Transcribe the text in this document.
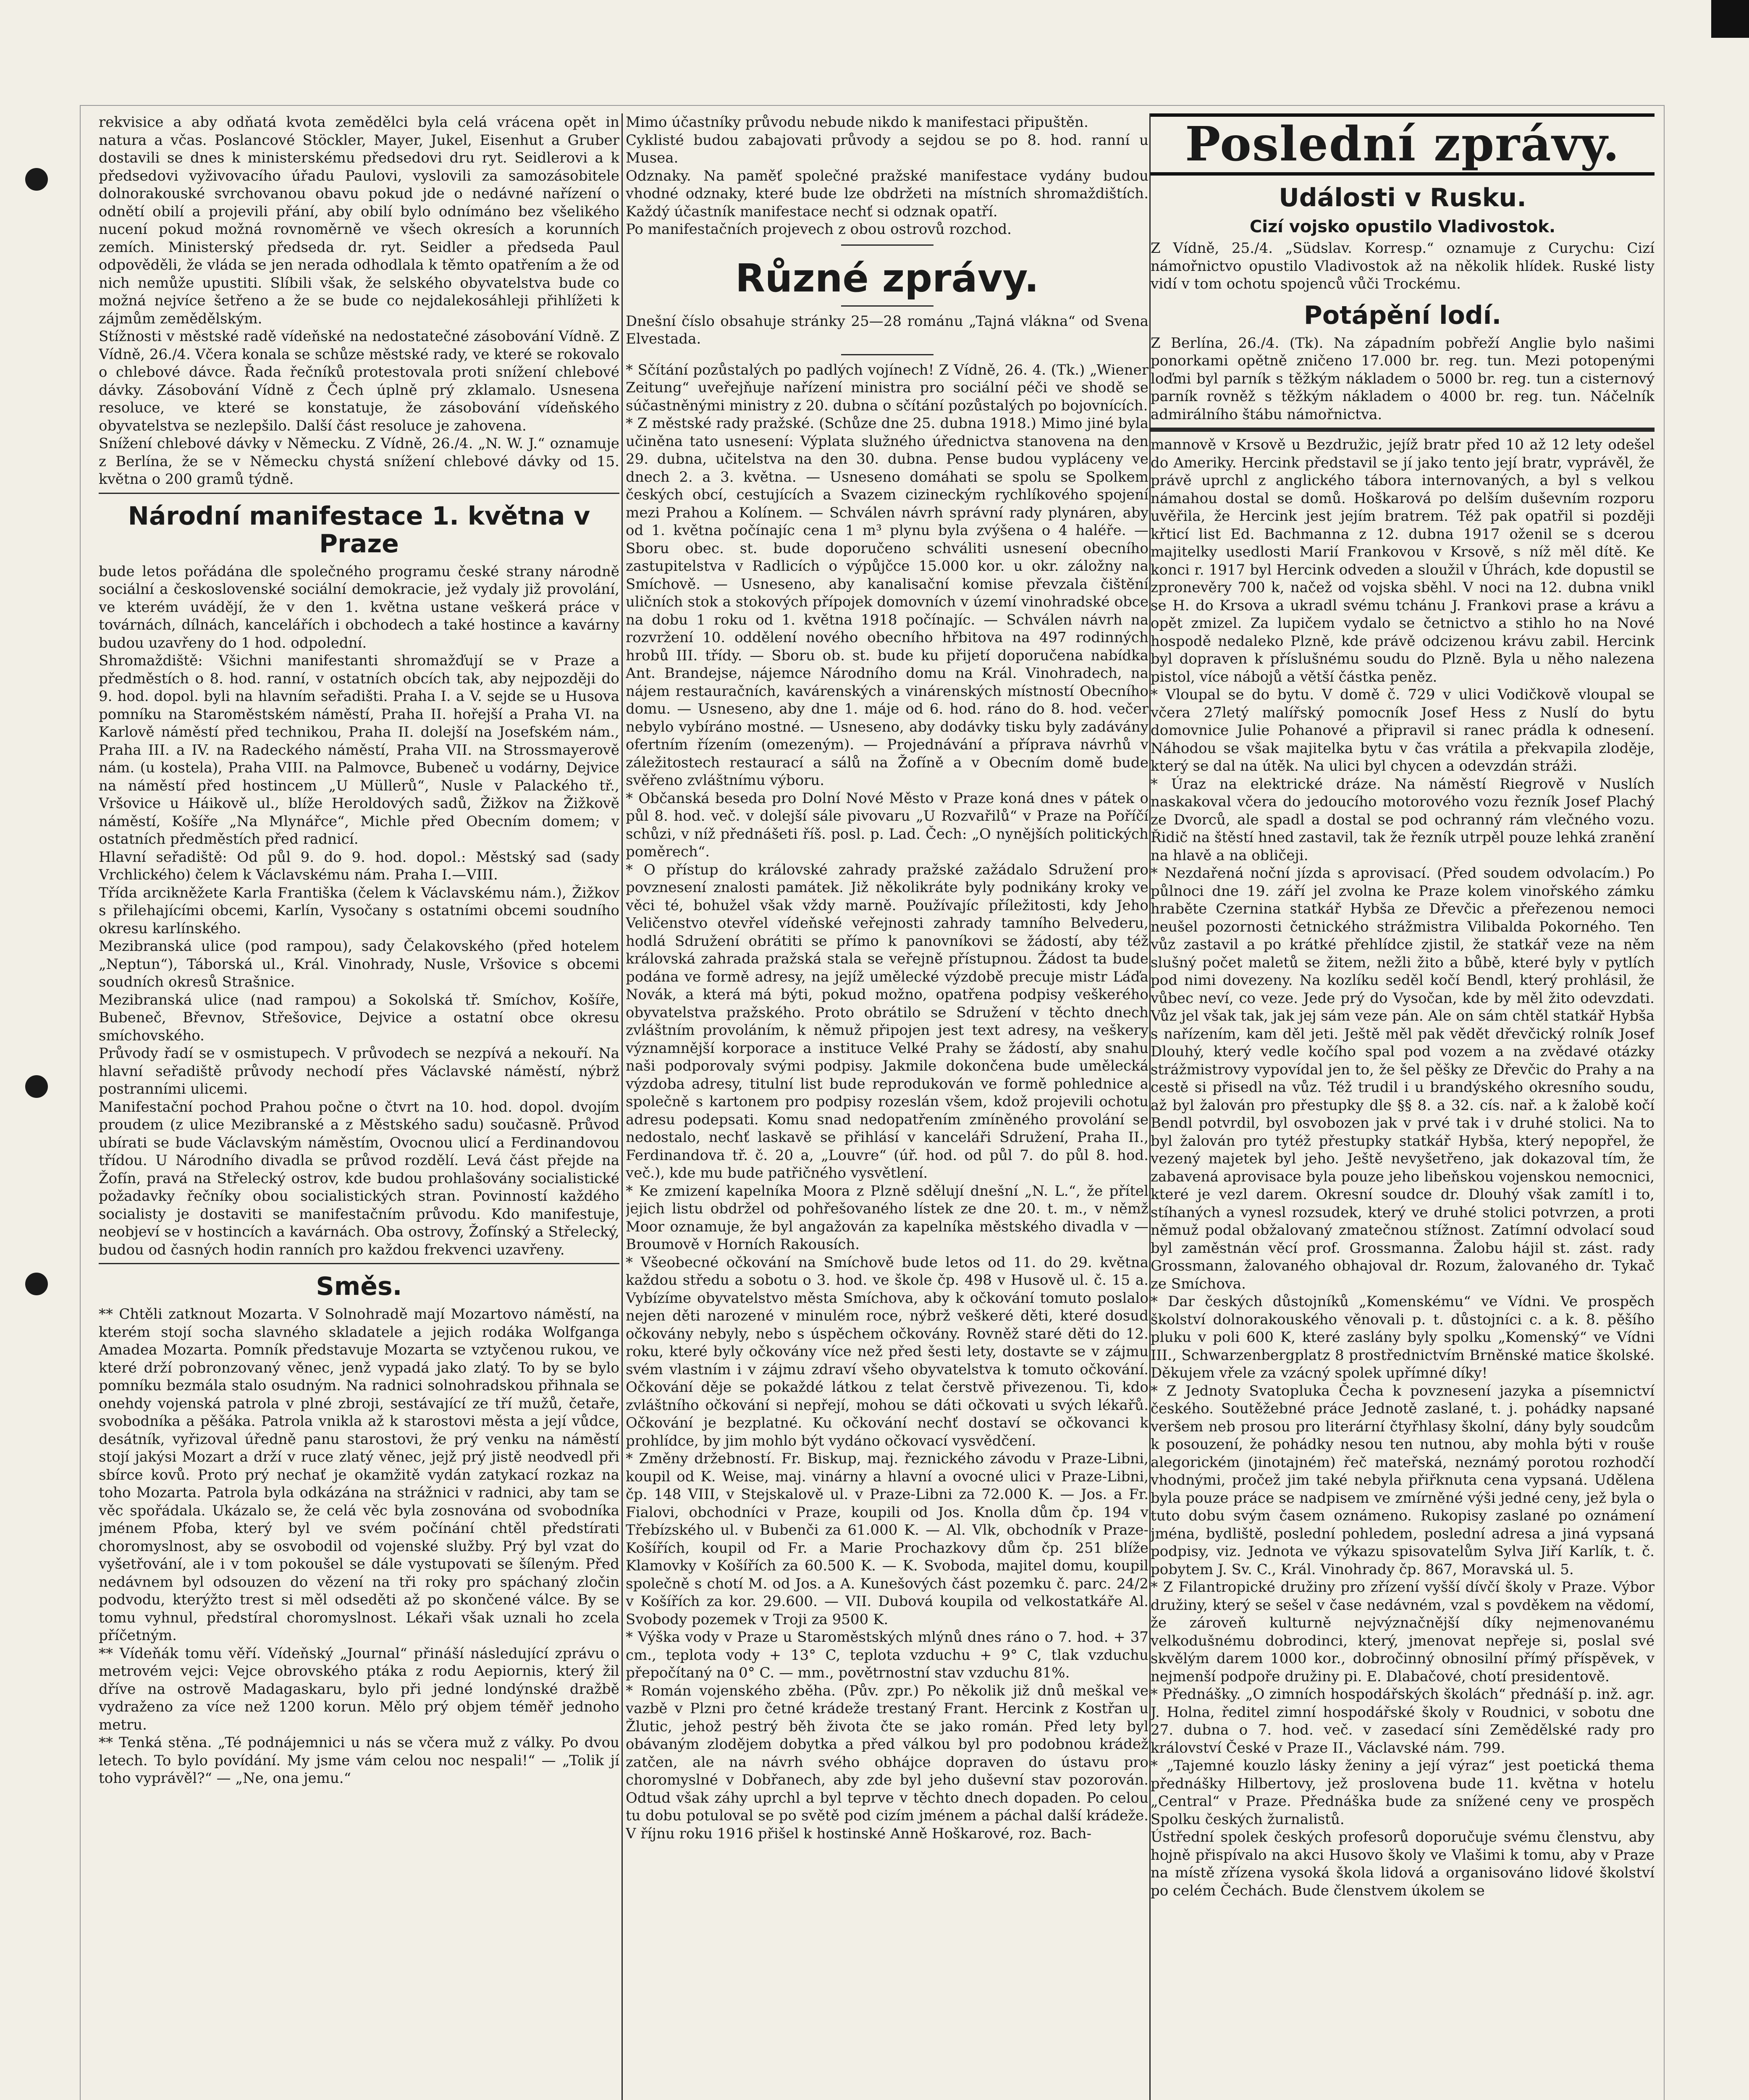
rekvisice a aby odňatá kvota zemědělci byla celá vrácena opět in natura a včas. Poslancové Stöckler, Mayer, Jukel, Eisenhut a Gruber dostavili se dnes k ministerskému předsedovi dru ryt. Seidlerovi a k předsedovi vyživovacího úřadu Paulovi, vyslovili za samozásobitele dolnorakouské svrchovanou obavu pokud jde o nedávné nařízení o odnětí obilí a projevili přání, aby obilí bylo odnímáno bez všelikého nucení pokud možná rovnoměrně ve všech okresích a korunních zemích. Ministerský předseda dr. ryt. Seidler a předseda Paul odpověděli, že vláda se jen nerada odhodlala k těmto opatřením a že od nich nemůže upustiti. Slíbili však, že selského obyvatelstva bude co možná nejvíce šetřeno a že se bude co nejdalekosáhleji přihlížeti k zájmům zemědělským.

Stížnosti v městské radě vídeňské na nedostatečné zásobování Vídně. Z Vídně, 26./4. Včera konala se schůze městské rady, ve které se rokovalo o chlebové dávce. Řada řečníků protestovala proti snížení chlebové dávky. Zásobování Vídně z Čech úplně prý zklamalo. Usnesena resoluce, ve které se konstatuje, že zásobování vídeňského obyvatelstva se nezlepšilo. Další část resoluce je zahovena.

Snížení chlebové dávky v Německu. Z Vídně, 26./4. „N. W. J.“ oznamuje z Berlína, že se v Německu chystá snížení chlebové dávky od 15. května o 200 gramů týdně.

Národní manifestace 1. května v Praze

bude letos pořádána dle společného programu české strany národně sociální a československé sociální demokracie, jež vydaly již provolání, ve kterém uvádějí, že v den 1. května ustane veškerá práce v továrnách, dílnách, kancelářích i obchodech a také hostince a kavárny budou uzavřeny do 1 hod. odpolední.

Shromaždiště: Všichni manifestanti shromažďují se v Praze a předměstích o 8. hod. ranní, v ostatních obcích tak, aby nejpozději do 9. hod. dopol. byli na hlavním seřadišti. Praha I. a V. sejde se u Husova pomníku na Staroměstském náměstí, Praha II. hořejší a Praha VI. na Karlově náměstí před technikou, Praha II. dolejší na Josefském nám., Praha III. a IV. na Radeckého náměstí, Praha VII. na Strossmayerově nám. (u kostela), Praha VIII. na Palmovce, Bubeneč u vodárny, Dejvice na náměstí před hostincem „U Müllerů“, Nusle v Palackého tř., Vršovice u Háikově ul., blíže Heroldových sadů, Žižkov na Žižkově náměstí, Košíře „Na Mlynářce“, Michle před Obecním domem; v ostatních předměstích před radnicí.

Hlavní seřadiště: Od půl 9. do 9. hod. dopol.: Městský sad (sady Vrchlického) čelem k Václavskému nám. Praha I.—VIII.

Třída arcikněžete Karla Františka (čelem k Václavskému nám.), Žižkov s přilehajícími obcemi, Karlín, Vysočany s ostatními obcemi soudního okresu karlínského.

Mezibranská ulice (pod rampou), sady Čelakovského (před hotelem „Neptun“), Táborská ul., Král. Vinohrady, Nusle, Vršovice s obcemi soudních okresů Strašnice.

Mezibranská ulice (nad rampou) a Sokolská tř. Smíchov, Košíře, Bubeneč, Břevnov, Střešovice, Dejvice a ostatní obce okresu smíchovského.

Průvody řadí se v osmistupech. V průvodech se nezpívá a nekouří. Na hlavní seřadiště průvody nechodí přes Václavské náměstí, nýbrž postranními ulicemi.

Manifestační pochod Prahou počne o čtvrt na 10. hod. dopol. dvojím proudem (z ulice Mezibranské a z Městského sadu) současně. Průvod ubírati se bude Václavským náměstím, Ovocnou ulicí a Ferdinandovou třídou. U Národního divadla se průvod rozdělí. Levá část přejde na Žofín, pravá na Střelecký ostrov, kde budou prohlašovány socialistické požadavky řečníky obou socialistických stran. Povinností každého socialisty je dostaviti se manifestačním průvodu. Kdo manifestuje, neobjeví se v hostincích a kavárnách. Oba ostrovy, Žofínský a Střelecký, budou od časných hodin ranních pro každou frekvenci uzavřeny.

Směs.

** Chtěli zatknout Mozarta. V Solnohradě mají Mozartovo náměstí, na kterém stojí socha slavného skladatele a jejich rodáka Wolfganga Amadea Mozarta. Pomník představuje Mozarta se vztyčenou rukou, ve které drží pobronzovaný věnec, jenž vypadá jako zlatý. To by se bylo pomníku bezmála stalo osudným. Na radnici solnohradskou přihnala se onehdy vojenská patrola v plné zbroji, sestávající ze tří mužů, četaře, svobodníka a pěšáka. Patrola vnikla až k starostovi města a její vůdce, desátník, vyřizoval úředně panu starostovi, že prý venku na náměstí stojí jakýsi Mozart a drží v ruce zlatý věnec, jejž prý jistě neodvedl při sbírce kovů. Proto prý nechať je okamžitě vydán zatykací rozkaz na toho Mozarta. Patrola byla odkázána na strážnici v radnici, aby tam se věc spořádala. Ukázalo se, že celá věc byla zosnována od svobodníka jménem Pfoba, který byl ve svém počínání chtěl předstírati choromyslnost, aby se osvobodil od vojenské služby. Prý byl vzat do vyšetřování, ale i v tom pokoušel se dále vystupovati se šíleným. Před nedávnem byl odsouzen do vězení na tři roky pro spáchaný zločin podvodu, kterýžto trest si měl odseděti až po skončené válce. By se tomu vyhnul, předstíral choromyslnost. Lékaři však uznali ho zcela příčetným.

** Vídeňák tomu věří. Vídeňský „Journal“ přináší následující zprávu o metrovém vejci: Vejce obrovského ptáka z rodu Aepiornis, který žil dříve na ostrově Madagaskaru, bylo při jedné londýnské dražbě vydraženo za více než 1200 korun. Mělo prý objem téměř jednoho metru.

** Tenká stěna. „Té podnájemnici u nás se včera muž z války. Po dvou letech. To bylo povídání. My jsme vám celou noc nespali!“ — „Tolik jí toho vyprávěl?“ — „Ne, ona jemu.“

Mimo účastníky průvodu nebude nikdo k manifestaci připuštěn.

Cyklisté budou zabajovati průvody a sejdou se po 8. hod. ranní u Musea.

Odznaky. Na paměť společné pražské manifestace vydány budou vhodné odznaky, které bude lze obdržeti na místních shromaždištích. Každý účastník manifestace nechť si odznak opatří.

Po manifestačních projevech z obou ostrovů rozchod.

Různé zprávy.

Dnešní číslo obsahuje stránky 25—28 románu „Tajná vlákna“ od Svena Elvestada.

* Sčítání pozůstalých po padlých vojínech! Z Vídně, 26. 4. (Tk.) „Wiener Zeitung“ uveřejňuje nařízení ministra pro sociální péči ve shodě se súčastněnými ministry z 20. dubna o sčítání pozůstalých po bojovnících.

* Z městské rady pražské. (Schůze dne 25. dubna 1918.) Mimo jiné byla učiněna tato usnesení: Výplata služného úřednictva stanovena na den 29. dubna, učitelstva na den 30. dubna. Pense budou vypláceny ve dnech 2. a 3. května. — Usneseno domáhati se spolu se Spolkem českých obcí, cestujících a Svazem cizineckým rychlíkového spojení mezi Prahou a Kolínem. — Schválen návrh správní rady plynáren, aby od 1. května počínajíc cena 1 m³ plynu byla zvýšena o 4 haléře. — Sboru obec. st. bude doporučeno schváliti usnesení obecního zastupitelstva v Radlicích o výpůjčce 15.000 kor. u okr. záložny na Smíchově. — Usneseno, aby kanalisační komise převzala čištění uličních stok a stokových přípojek domovních v území vinohradské obce na dobu 1 roku od 1. května 1918 počínajíc. — Schválen návrh na rozvržení 10. oddělení nového obecního hřbitova na 497 rodinných hrobů III. třídy. — Sboru ob. st. bude ku přijetí doporučena nabídka Ant. Brandejse, nájemce Národního domu na Král. Vinohradech, na nájem restauračních, kavárenských a vinárenských místností Obecního domu. — Usneseno, aby dne 1. máje od 6. hod. ráno do 8. hod. večer nebylo vybíráno mostné. — Usneseno, aby dodávky tisku byly zadávány ofertním řízením (omezeným). — Projednávání a příprava návrhů v záležitostech restaurací a sálů na Žofíně a v Obecním domě bude svěřeno zvláštnímu výboru.

* Občanská beseda pro Dolní Nové Město v Praze koná dnes v pátek o půl 8. hod. več. v dolejší sále pivovaru „U Rozvařilů“ v Praze na Poříčí schůzi, v níž přednášeti říš. posl. p. Lad. Čech: „O nynějších politických poměrech“.

* O přístup do královské zahrady pražské zažádalo Sdružení pro povznesení znalosti památek. Již několikráte byly podnikány kroky ve věci té, bohužel však vždy marně. Používajíc příležitosti, kdy Jeho Veličenstvo otevřel vídeňské veřejnosti zahrady tamního Belvederu, hodlá Sdružení obrátiti se přímo k panovníkovi se žádostí, aby též královská zahrada pražská stala se veřejně přístupnou. Žádost ta bude podána ve formě adresy, na jejíž umělecké výzdobě precuje mistr Láďa Novák, a která má býti, pokud možno, opatřena podpisy veškerého obyvatelstva pražského. Proto obrátilo se Sdružení v těchto dnech zvláštním provoláním, k němuž připojen jest text adresy, na veškery významnější korporace a instituce Velké Prahy se žádostí, aby snahu naši podporovaly svými podpisy. Jakmile dokončena bude umělecká výzdoba adresy, titulní list bude reprodukován ve formě pohlednice a společně s kartonem pro podpisy rozeslán všem, kdož projevili ochotu adresu podepsati. Komu snad nedopatřením zmíněného provolání se nedostalo, nechť laskavě se přihlásí v kanceláři Sdružení, Praha II., Ferdinandova tř. č. 20 a, „Louvre“ (úř. hod. od půl 7. do půl 8. hod. več.), kde mu bude patřičného vysvětlení.

* Ke zmizení kapelníka Moora z Plzně sdělují dnešní „N. L.“, že přítel jejich listu obdržel od pohřešovaného lístek ze dne 20. t. m., v němž Moor oznamuje, že byl angažován za kapelníka městského divadla v — Broumově v Horních Rakousích.

* Všeobecné očkování na Smíchově bude letos od 11. do 29. května každou středu a sobotu o 3. hod. ve škole čp. 498 v Husově ul. č. 15 a. Vybízíme obyvatelstvo města Smíchova, aby k očkování tomuto poslalo nejen děti narozené v minulém roce, nýbrž veškeré děti, které dosud očkovány nebyly, nebo s úspěchem očkovány. Rovněž staré děti do 12. roku, které byly očkovány více než před šesti lety, dostavte se v zájmu svém vlastním i v zájmu zdraví všeho obyvatelstva k tomuto očkování. Očkování děje se pokaždé látkou z telat čerstvě přivezenou. Ti, kdo zvláštního očkování si nepřejí, mohou se dáti očkovati u svých lékařů. Očkování je bezplatné. Ku očkování nechť dostaví se očkovanci k prohlídce, by jim mohlo být vydáno očkovací vysvědčení.

* Změny držebností. Fr. Biskup, maj. řeznického závodu v Praze-Libni, koupil od K. Weise, maj. vinárny a hlavní a ovocné ulici v Praze-Libni, čp. 148 VIII, v Stejskalově ul. v Praze-Libni za 72.000 K. — Jos. a Fr. Fialovi, obchodníci v Praze, koupili od Jos. Knolla dům čp. 194 v Třebízského ul. v Bubenči za 61.000 K. — Al. Vlk, obchodník v Praze-Košířích, koupil od Fr. a Marie Prochazkovy dům čp. 251 blíže Klamovky v Košířích za 60.500 K. — K. Svoboda, majitel domu, koupil společně s chotí M. od Jos. a A. Kunešových část pozemku č. parc. 24/2 v Košířích za kor. 29.600. — VII. Dubová koupila od velkostatkáře Al. Svobody pozemek v Troji za 9500 K.

* Výška vody v Praze u Staroměstských mlýnů dnes ráno o 7. hod. + 37 cm., teplota vody + 13° C, teplota vzduchu + 9° C, tlak vzduchu přepočítaný na 0° C. — mm., povětrnostní stav vzduchu 81%.

* Román vojenského zběha. (Pův. zpr.) Po několik již dnů meškal ve vazbě v Plzni pro četné krádeže trestaný Frant. Hercink z Kostřan u Žlutic, jehož pestrý běh života čte se jako román. Před lety byl obávaným zlodějem dobytka a před válkou byl pro podobnou krádež zatčen, ale na návrh svého obhájce dopraven do ústavu pro choromyslné v Dobřanech, aby zde byl jeho duševní stav pozorován. Odtud však záhy uprchl a byl teprve v těchto dnech dopaden. Po celou tu dobu potuloval se po světě pod cizím jménem a páchal další krádeže. V říjnu roku 1916 přišel k hostinské Anně Hoškarové, roz. Bach-

Poslední zprávy.
Události v Rusku.
Cizí vojsko opustilo Vladivostok.

Z Vídně, 25./4. „Südslav. Korresp.“ oznamuje z Curychu: Cizí námořnictvo opustilo Vladivostok až na několik hlídek. Ruské listy vidí v tom ochotu spojenců vůči Trockému.

Potápění lodí.

Z Berlína, 26./4. (Tk). Na západním pobřeží Anglie bylo našimi ponorkami opětně zničeno 17.000 br. reg. tun. Mezi potopenými loďmi byl parník s těžkým nákladem o 5000 br. reg. tun a cisternový parník rovněž s těžkým nákladem o 4000 br. reg. tun. Náčelník admirálního štábu námořnictva.

mannově v Krsově u Bezdružic, jejíž bratr před 10 až 12 lety odešel do Ameriky. Hercink představil se jí jako tento její bratr, vyprávěl, že právě uprchl z anglického tábora internovaných, a byl s velkou námahou dostal se domů. Hoškarová po delším duševním rozporu uvěřila, že Hercink jest jejím bratrem. Též pak opatřil si později křticí list Ed. Bachmanna z 12. dubna 1917 oženil se s dcerou majitelky usedlosti Marií Frankovou v Krsově, s níž měl dítě. Ke konci r. 1917 byl Hercink odveden a sloužil v Úhrách, kde dopustil se zpronevěry 700 k, načež od vojska sběhl. V noci na 12. dubna vnikl se H. do Krsova a ukradl svému tchánu J. Frankovi prase a krávu a opět zmizel. Za lupičem vydalo se četnictvo a stihlo ho na Nové hospodě nedaleko Plzně, kde právě odcizenou krávu zabil. Hercink byl dopraven k příslušnému soudu do Plzně. Byla u něho nalezena pistol, více nábojů a větší částka peněz.

* Vloupal se do bytu. V domě č. 729 v ulici Vodičkově vloupal se včera 27letý malířský pomocník Josef Hess z Nuslí do bytu domovnice Julie Pohanové a připravil si ranec prádla k odnesení. Náhodou se však majitelka bytu v čas vrátila a překvapila zloděje, který se dal na útěk. Na ulici byl chycen a odevzdán stráži.

* Úraz na elektrické dráze. Na náměstí Riegrově v Nuslích naskakoval včera do jedoucího motorového vozu řezník Josef Plachý ze Dvorců, ale spadl a dostal se pod ochranný rám vlečného vozu. Řidič na štěstí hned zastavil, tak že řezník utrpěl pouze lehká zranění na hlavě a na obličeji.

* Nezdařená noční jízda s aprovisací. (Před soudem odvolacím.) Po půlnoci dne 19. září jel zvolna ke Praze kolem vinořského zámku hraběte Czernina statkář Hybša ze Dřevčic a přeřezenou nemoci neušel pozornosti četnického strážmistra Vilibalda Pokorného. Ten vůz zastavil a po krátké přehlídce zjistil, že statkář veze na něm slušný počet maletů se žitem, nežli žito a bůbě, které byly v pytlích pod nimi dovezeny. Na kozlíku seděl kočí Bendl, který prohlásil, že vůbec neví, co veze. Jede prý do Vysočan, kde by měl žito odevzdati. Vůz jel však tak, jak jej sám veze pán. Ale on sám chtěl statkář Hybša s nařízením, kam děl jeti. Ještě měl pak vědět dřevčický rolník Josef Dlouhý, který vedle kočího spal pod vozem a na zvědavé otázky strážmistrovy vypovídal jen to, že šel pěšky ze Dřevčic do Prahy a na cestě si přisedl na vůz. Též trudil i u brandýského okresního soudu, až byl žalován pro přestupky dle §§ 8. a 32. cís. nař. a k žalobě kočí Bendl potvrdil, byl osvobozen jak v prvé tak i v druhé stolici. Na to byl žalován pro tytéž přestupky statkář Hybša, který nepopřel, že vezený majetek byl jeho. Ještě nevyšetřeno, jak dokazoval tím, že zabavená aprovisace byla pouze jeho libeňskou vojenskou nemocnici, které je vezl darem. Okresní soudce dr. Dlouhý však zamítl i to, stíhaných a vynesl rozsudek, který ve druhé stolici potvrzen, a proti němuž podal obžalovaný zmatečnou stížnost. Zatímní odvolací soud byl zaměstnán věcí prof. Grossmanna. Žalobu hájil st. zást. rady Grossmann, žalovaného obhajoval dr. Rozum, žalovaného dr. Tykač ze Smíchova.

* Dar českých důstojníků „Komenskému“ ve Vídni. Ve prospěch školství dolnorakouského věnovali p. t. důstojníci c. a k. 8. pěšího pluku v poli 600 K, které zaslány byly spolku „Komenský“ ve Vídni III., Schwarzenbergplatz 8 prostřednictvím Brněnské matice školské. Děkujem vřele za vzácný spolek upřímné díky!

* Z Jednoty Svatopluka Čecha k povznesení jazyka a písemnictví českého. Soutěžebné práce Jednotě zaslané, t. j. pohádky napsané veršem neb prosou pro literární čtyřhlasy školní, dány byly soudcům k posouzení, že pohádky nesou ten nutnou, aby mohla býti v rouše alegorickém (jinotajném) řeč mateřská, neznámý porotou rozhodčí vhodnými, pročež jim také nebyla přiřknuta cena vypsaná. Udělena byla pouze práce se nadpisem ve zmírněné výši jedné ceny, jež byla o tuto dobu svým časem oznámeno. Rukopisy zaslané po oznámení jména, bydliště, poslední pohledem, poslední adresa a jiná vypsaná podpisy, viz. Jednota ve výkazu spisovatelům Sylva Jiří Karlík, t. č. pobytem J. Sv. C., Král. Vinohrady čp. 867, Moravská ul. 5.

* Z Filantropické družiny pro zřízení vyšší dívčí školy v Praze. Výbor družiny, který se sešel v čase nedávném, vzal s povděkem na vědomí, že zároveň kulturně nejvýznačnější díky nejmenovanému velkodušnému dobrodinci, který, jmenovat nepřeje si, poslal své skvělým darem 1000 kor., dobročinný obnosilní přímý příspěvek, v nejmenší podpoře družiny pi. E. Dlabačové, chotí presidentově.

* Přednášky. „O zimních hospodářských školách“ přednáší p. inž. agr. J. Holna, ředitel zimní hospodářské školy v Roudnici, v sobotu dne 27. dubna o 7. hod. več. v zasedací síni Zemědělské rady pro království České v Praze II., Václavské nám. 799.

* „Tajemné kouzlo lásky ženiny a její výraz“ jest poetická thema přednášky Hilbertovy, jež proslovena bude 11. května v hotelu „Central“ v Praze. Přednáška bude za snížené ceny ve prospěch Spolku českých žurnalistů.

Ústřední spolek českých profesorů doporučuje svému členstvu, aby hojně přispívalo na akci Husovo školy ve Vlašimi k tomu, aby v Praze na místě zřízena vysoká škola lidová a organisováno lidové školství po celém Čechách. Bude členstvem úkolem se
